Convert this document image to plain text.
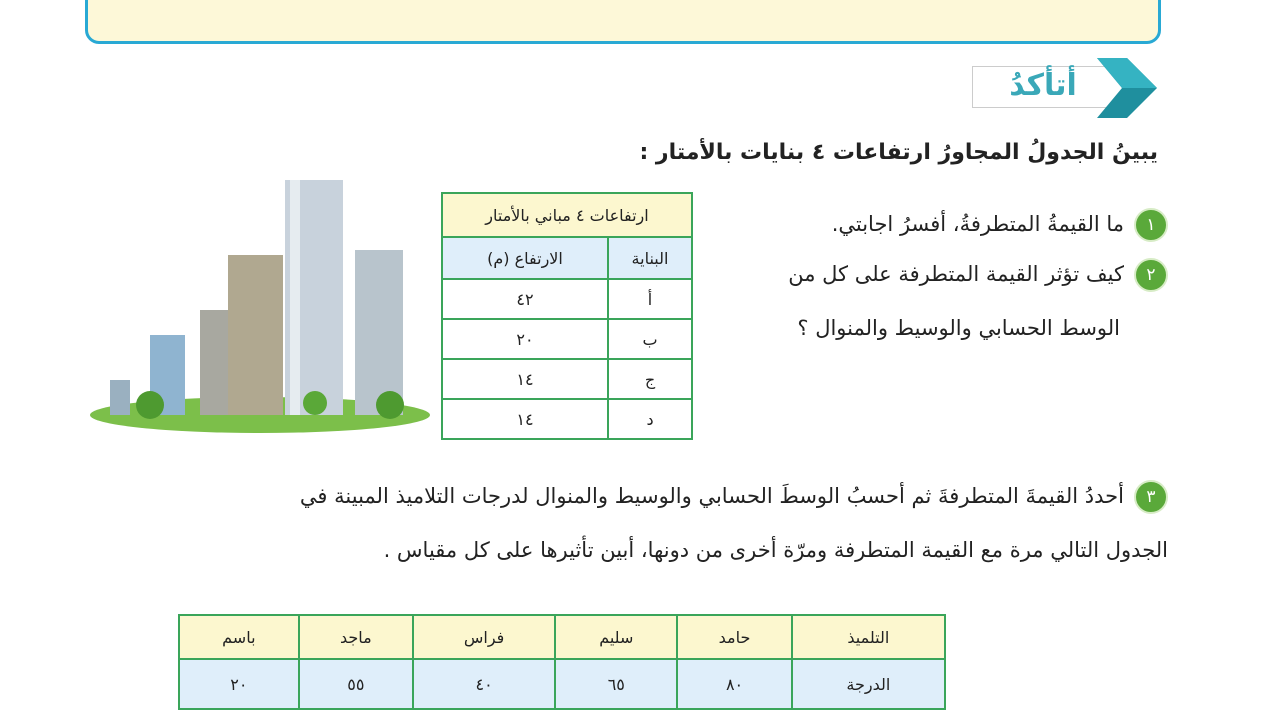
أتأكدُ
يبينُ الجدولُ المجاورُ ارتفاعات ٤ بنايات بالأمتار :
١ما القيمةُ المتطرفةُ، أفسرُ اجابتي.
٢كيف تؤثر القيمة المتطرفة على كل من
الوسط الحسابي والوسيط والمنوال ؟
ارتفاعات ٤ مباني بالأمتار	
البناية	الارتفاع (م)
أ	٤٢
ب	٢٠
ج	١٤
د	١٤
٣أحددُ القيمةَ المتطرفةَ ثم أحسبُ الوسطَ الحسابي والوسيط والمنوال لدرجات التلاميذ المبينة في
الجدول التالي مرة مع القيمة المتطرفة ومرّة أخرى من دونها، أبين تأثيرها على كل مقياس .
التلميذ	حامد	سليم	فراس	ماجد	باسم
الدرجة	٨٠	٦٥	٤٠	٥٥	٢٠
